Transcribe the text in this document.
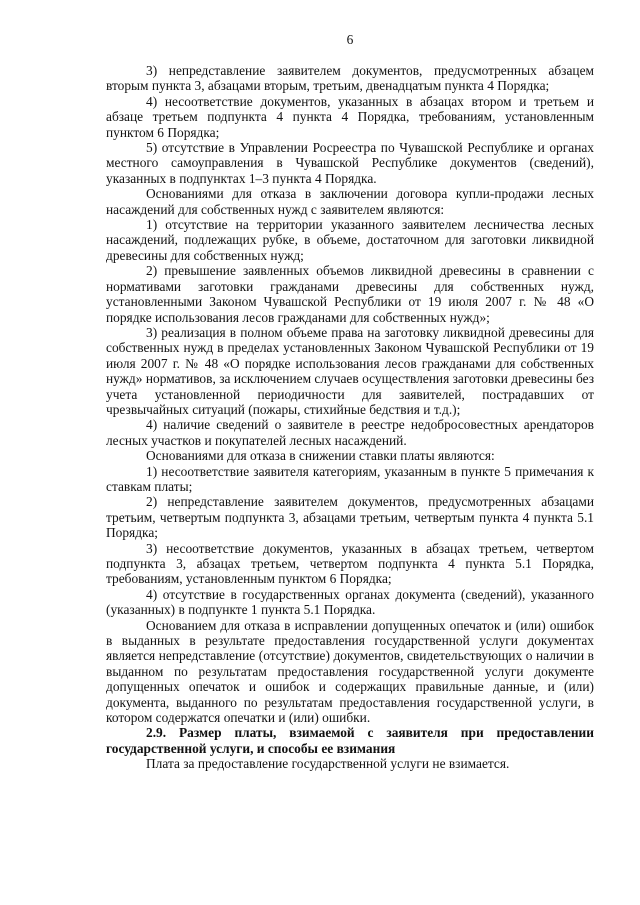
6

3) непредставление заявителем документов, предусмотренных абзацем вторым пункта 3, абзацами вторым, третьим, двенадцатым пункта 4 Порядка;

4) несоответствие документов, указанных в абзацах втором и третьем и абзаце третьем подпункта 4 пункта 4 Порядка, требованиям, установленным пунктом 6 Порядка;

5) отсутствие в Управлении Росреестра по Чувашской Республике и органах местного самоуправления в Чувашской Республике документов (сведений), указанных в подпунктах 1–3 пункта 4 Порядка.

Основаниями для отказа в заключении договора купли-продажи лесных насаждений для собственных нужд с заявителем являются:

1) отсутствие на территории указанного заявителем лесничества лесных насаждений, подлежащих рубке, в объеме, достаточном для заготовки ликвидной древесины для собственных нужд;

2) превышение заявленных объемов ликвидной древесины в сравнении с нормативами заготовки гражданами древесины для собственных нужд, установленными Законом Чувашской Республики от 19 июля 2007 г. № 48 «О порядке использования лесов гражданами для собственных нужд»;

3) реализация в полном объеме права на заготовку ликвидной древесины для собственных нужд в пределах установленных Законом Чувашской Республики от 19 июля 2007 г. № 48 «О порядке использования лесов гражданами для собственных нужд» нормативов, за исключением случаев осуществления заготовки древесины без учета установленной периодичности для заявителей, пострадавших от чрезвычайных ситуаций (пожары, стихийные бедствия и т.д.);

4) наличие сведений о заявителе в реестре недобросовестных арендаторов лесных участков и покупателей лесных насаждений.

Основаниями для отказа в снижении ставки платы являются:

1) несоответствие заявителя категориям, указанным в пункте 5 примечания к ставкам платы;

2) непредставление заявителем документов, предусмотренных абзацами третьим, четвертым подпункта 3, абзацами третьим, четвертым пункта 4 пункта 5.1 Порядка;

3) несоответствие документов, указанных в абзацах третьем, четвертом подпункта 3, абзацах третьем, четвертом подпункта 4 пункта 5.1 Порядка, требованиям, установленным пунктом 6 Порядка;

4) отсутствие в государственных органах документа (сведений), указанного (указанных) в подпункте 1 пункта 5.1 Порядка.

Основанием для отказа в исправлении допущенных опечаток и (или) ошибок в выданных в результате предоставления государственной услуги документах является непредставление (отсутствие) документов, свидетельствующих о наличии в выданном по результатам предоставления государственной услуги документе допущенных опечаток и ошибок и содержащих правильные данные, и (или) документа, выданного по результатам предоставления государственной услуги, в котором содержатся опечатки и (или) ошибки.

2.9. Размер платы, взимаемой с заявителя при предоставлении государственной услуги, и способы ее взимания

Плата за предоставление государственной услуги не взимается.
